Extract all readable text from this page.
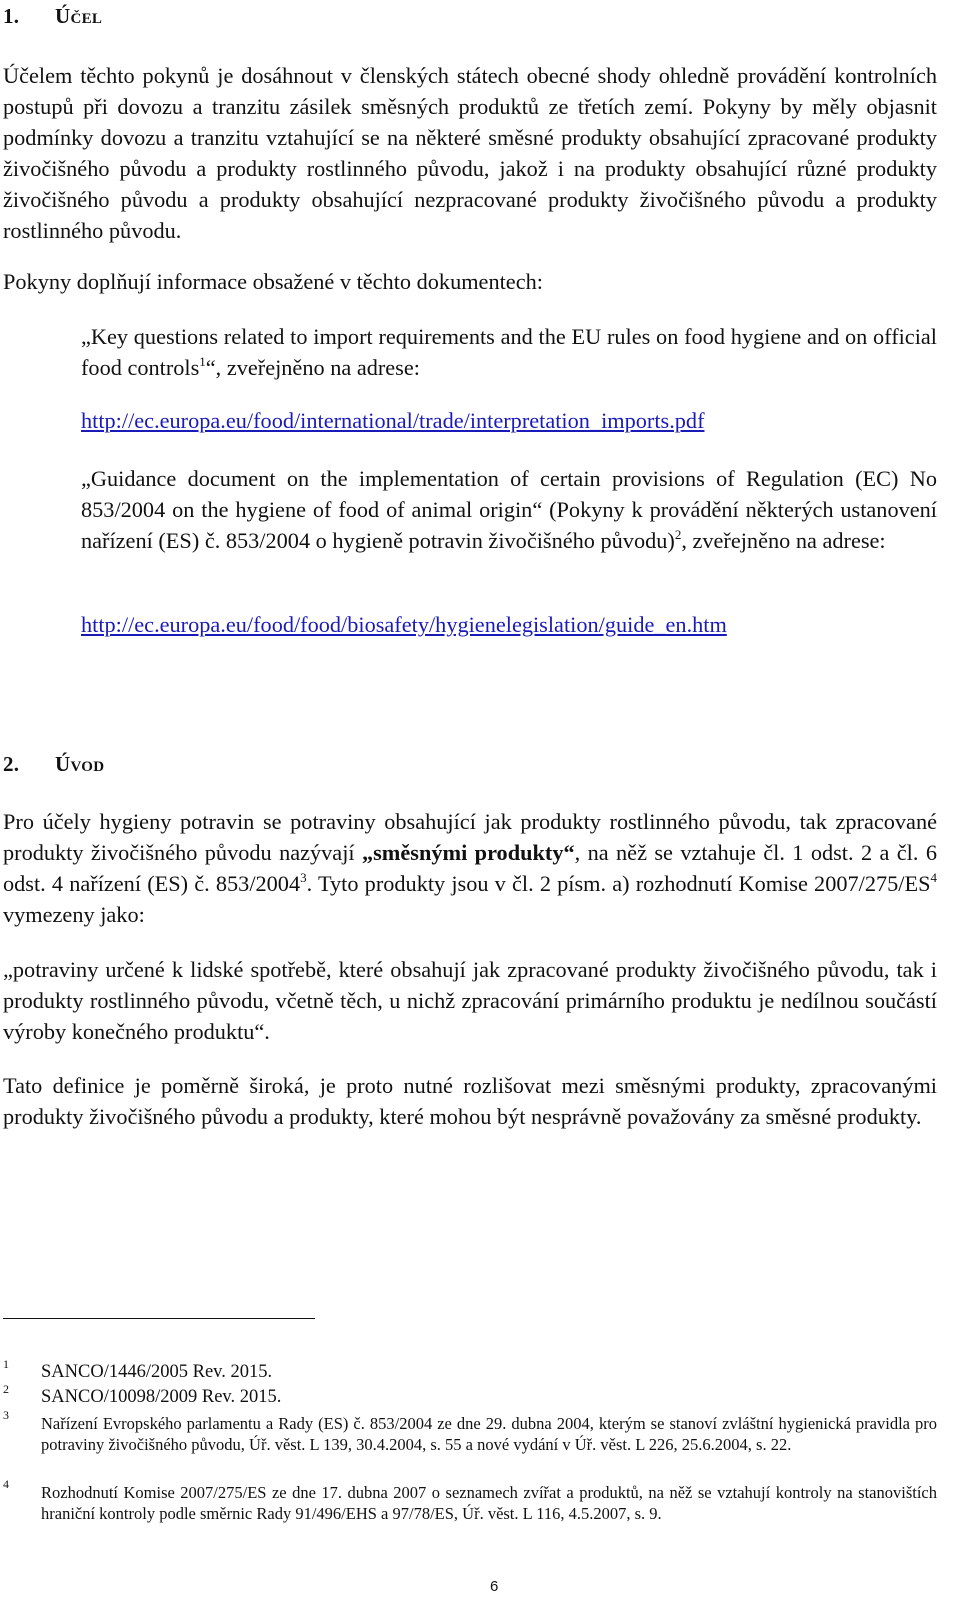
1. ÚČEL

Účelem těchto pokynů je dosáhnout v členských státech obecné shody ohledně provádění kontrolních postupů při dovozu a tranzitu zásilek směsných produktů ze třetích zemí. Pokyny by měly objasnit podmínky dovozu a tranzitu vztahující se na některé směsné produkty obsahující zpracované produkty živočišného původu a produkty rostlinného původu, jakož i na produkty obsahující různé produkty živočišného původu a produkty obsahující nezpracované produkty živočišného původu a produkty rostlinného původu.

Pokyny doplňují informace obsažené v těchto dokumentech:

„Key questions related to import requirements and the EU rules on food hygiene and on official food controls$^1$“, zveřejněno na adrese:

http://ec.europa.eu/food/international/trade/interpretation_imports.pdf

„Guidance document on the implementation of certain provisions of Regulation (EC) No 853/2004 on the hygiene of food of animal origin“ (Pokyny k provádění některých ustanovení nařízení (ES) č. 853/2004 o hygieně potravin živočišného původu)$^2$, zveřejněno na adrese:

http://ec.europa.eu/food/food/biosafety/hygienelegislation/guide_en.htm
2. ÚVOD

Pro účely hygieny potravin se potraviny obsahující jak produkty rostlinného původu, tak zpracované produkty živočišného původu nazývají „směsnými produkty“, na něž se vztahuje čl. 1 odst. 2 a čl. 6 odst. 4 nařízení (ES) č. 853/2004$^3$. Tyto produkty jsou v čl. 2 písm. a) rozhodnutí Komise $2007/275/ES^4$ vymezeny jako:

„potraviny určené k lidské spotřebě, které obsahují jak zpracované produkty živočišného původu, tak i produkty rostlinného původu, včetně těch, u nichž zpracování primárního produktu je nedílnou součástí výroby konečného produktu“.

Tato definice je poměrně široká, je proto nutné rozlišovat mezi směsnými produkty, zpracovanými produkty živočišného původu a produkty, které mohou být nesprávně považovány za směsné produkty.

1 SANCO/1446/2005 Rev. 2015.
2 SANCO/10098/2009 Rev. 2015.
3 Nařízení Evropského parlamentu a Rady (ES) č. 853/2004 ze dne 29. dubna 2004, kterým se stanoví zvláštní hygienická pravidla pro potraviny živočišného původu, Úř. věst. L 139, 30.4.2004, s. 55 a nové vydání v Úř. věst. L 226, 25.6.2004, s. 22.
4 Rozhodnutí Komise 2007/275/ES ze dne 17. dubna 2007 o seznamech zvířat a produktů, na něž se vztahují kontroly na stanovištích hraniční kontroly podle směrnic Rady 91/496/EHS a 97/78/ES, Úř. věst. L 116, 4.5.2007, s. 9.
6
